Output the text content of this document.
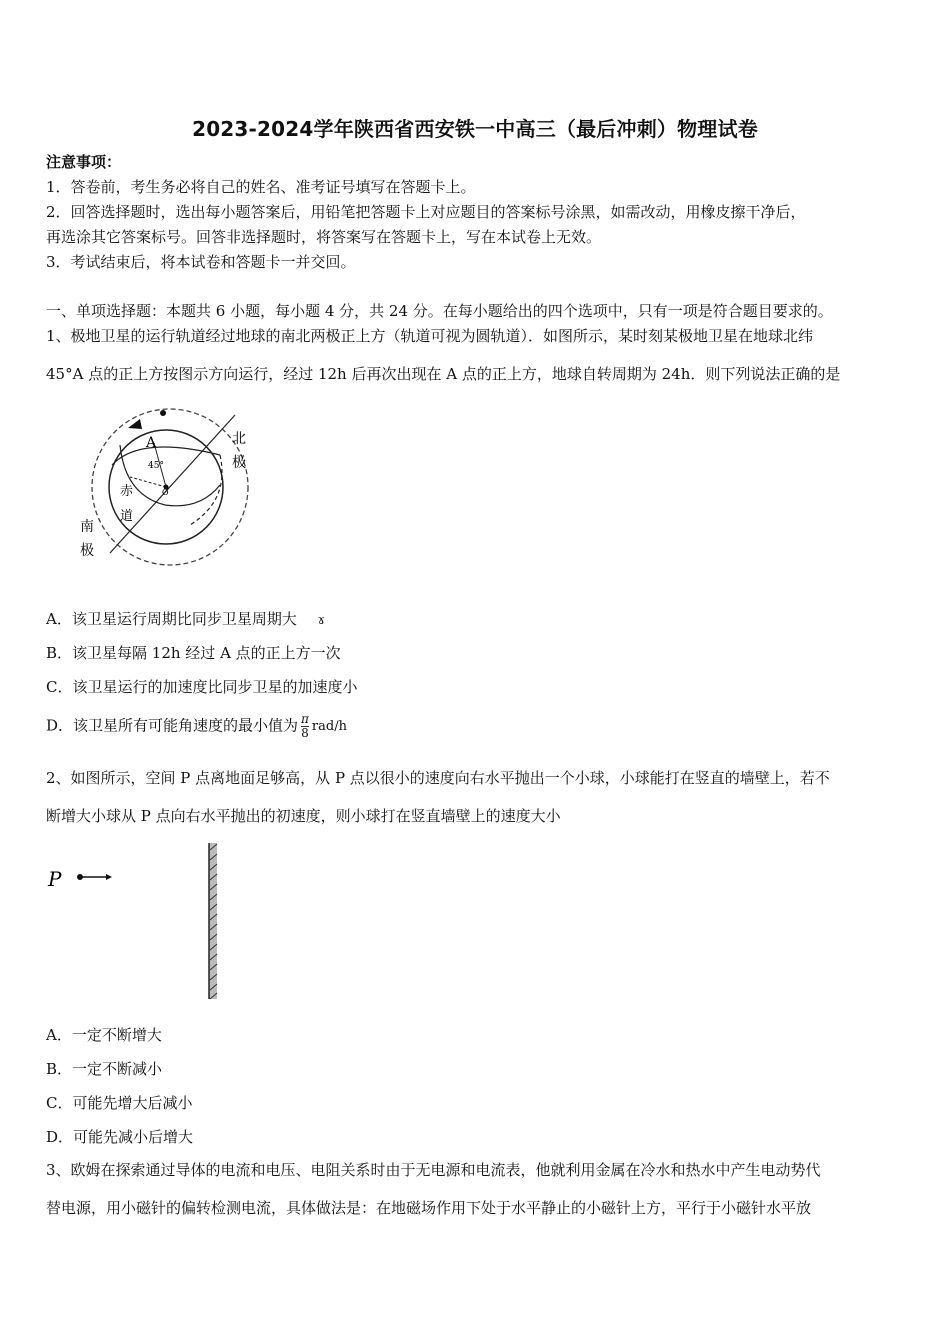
2023-2024学年陕西省西安铁一中高三（最后冲刺）物理试卷
注意事项：
1．答卷前，考生务必将自己的姓名、准考证号填写在答题卡上。
2．回答选择题时，选出每小题答案后，用铅笔把答题卡上对应题目的答案标号涂黑，如需改动，用橡皮擦干净后，
再选涂其它答案标号。回答非选择题时，将答案写在答题卡上，写在本试卷上无效。
3．考试结束后，将本试卷和答题卡一并交回。
一、单项选择题：本题共 6 小题，每小题 4 分，共 24 分。在每小题给出的四个选项中，只有一项是符合题目要求的。
1、极地卫星的运行轨道经过地球的南北两极正上方（轨道可视为圆轨道）．如图所示，某时刻某极地卫星在地球北纬
45°A 点的正上方按图示方向运行，经过 12h 后再次出现在 A 点的正上方，地球自转周期为 24h．则下列说法正确的是
A
45°
O
北
极
南
极
赤
道
A．该卫星运行周期比同步卫星周期大 ɤ
B．该卫星每隔 12h 经过 A 点的正上方一次
C．该卫星运行的加速度比同步卫星的加速度小
D．该卫星所有可能角速度的最小值为 $\frac{\pi}{8} rad/h$
2、如图所示，空间 P 点离地面足够高，从 P 点以很小的速度向右水平抛出一个小球，小球能打在竖直的墙壁上，若不
断增大小球从 P 点向右水平抛出的初速度，则小球打在竖直墙壁上的速度大小
P
A．一定不断增大
B．一定不断减小
C．可能先增大后减小
D．可能先减小后增大
3、欧姆在探索通过导体的电流和电压、电阻关系时由于无电源和电流表，他就利用金属在冷水和热水中产生电动势代
替电源，用小磁针的偏转检测电流，具体做法是：在地磁场作用下处于水平静止的小磁针上方，平行于小磁针水平放
